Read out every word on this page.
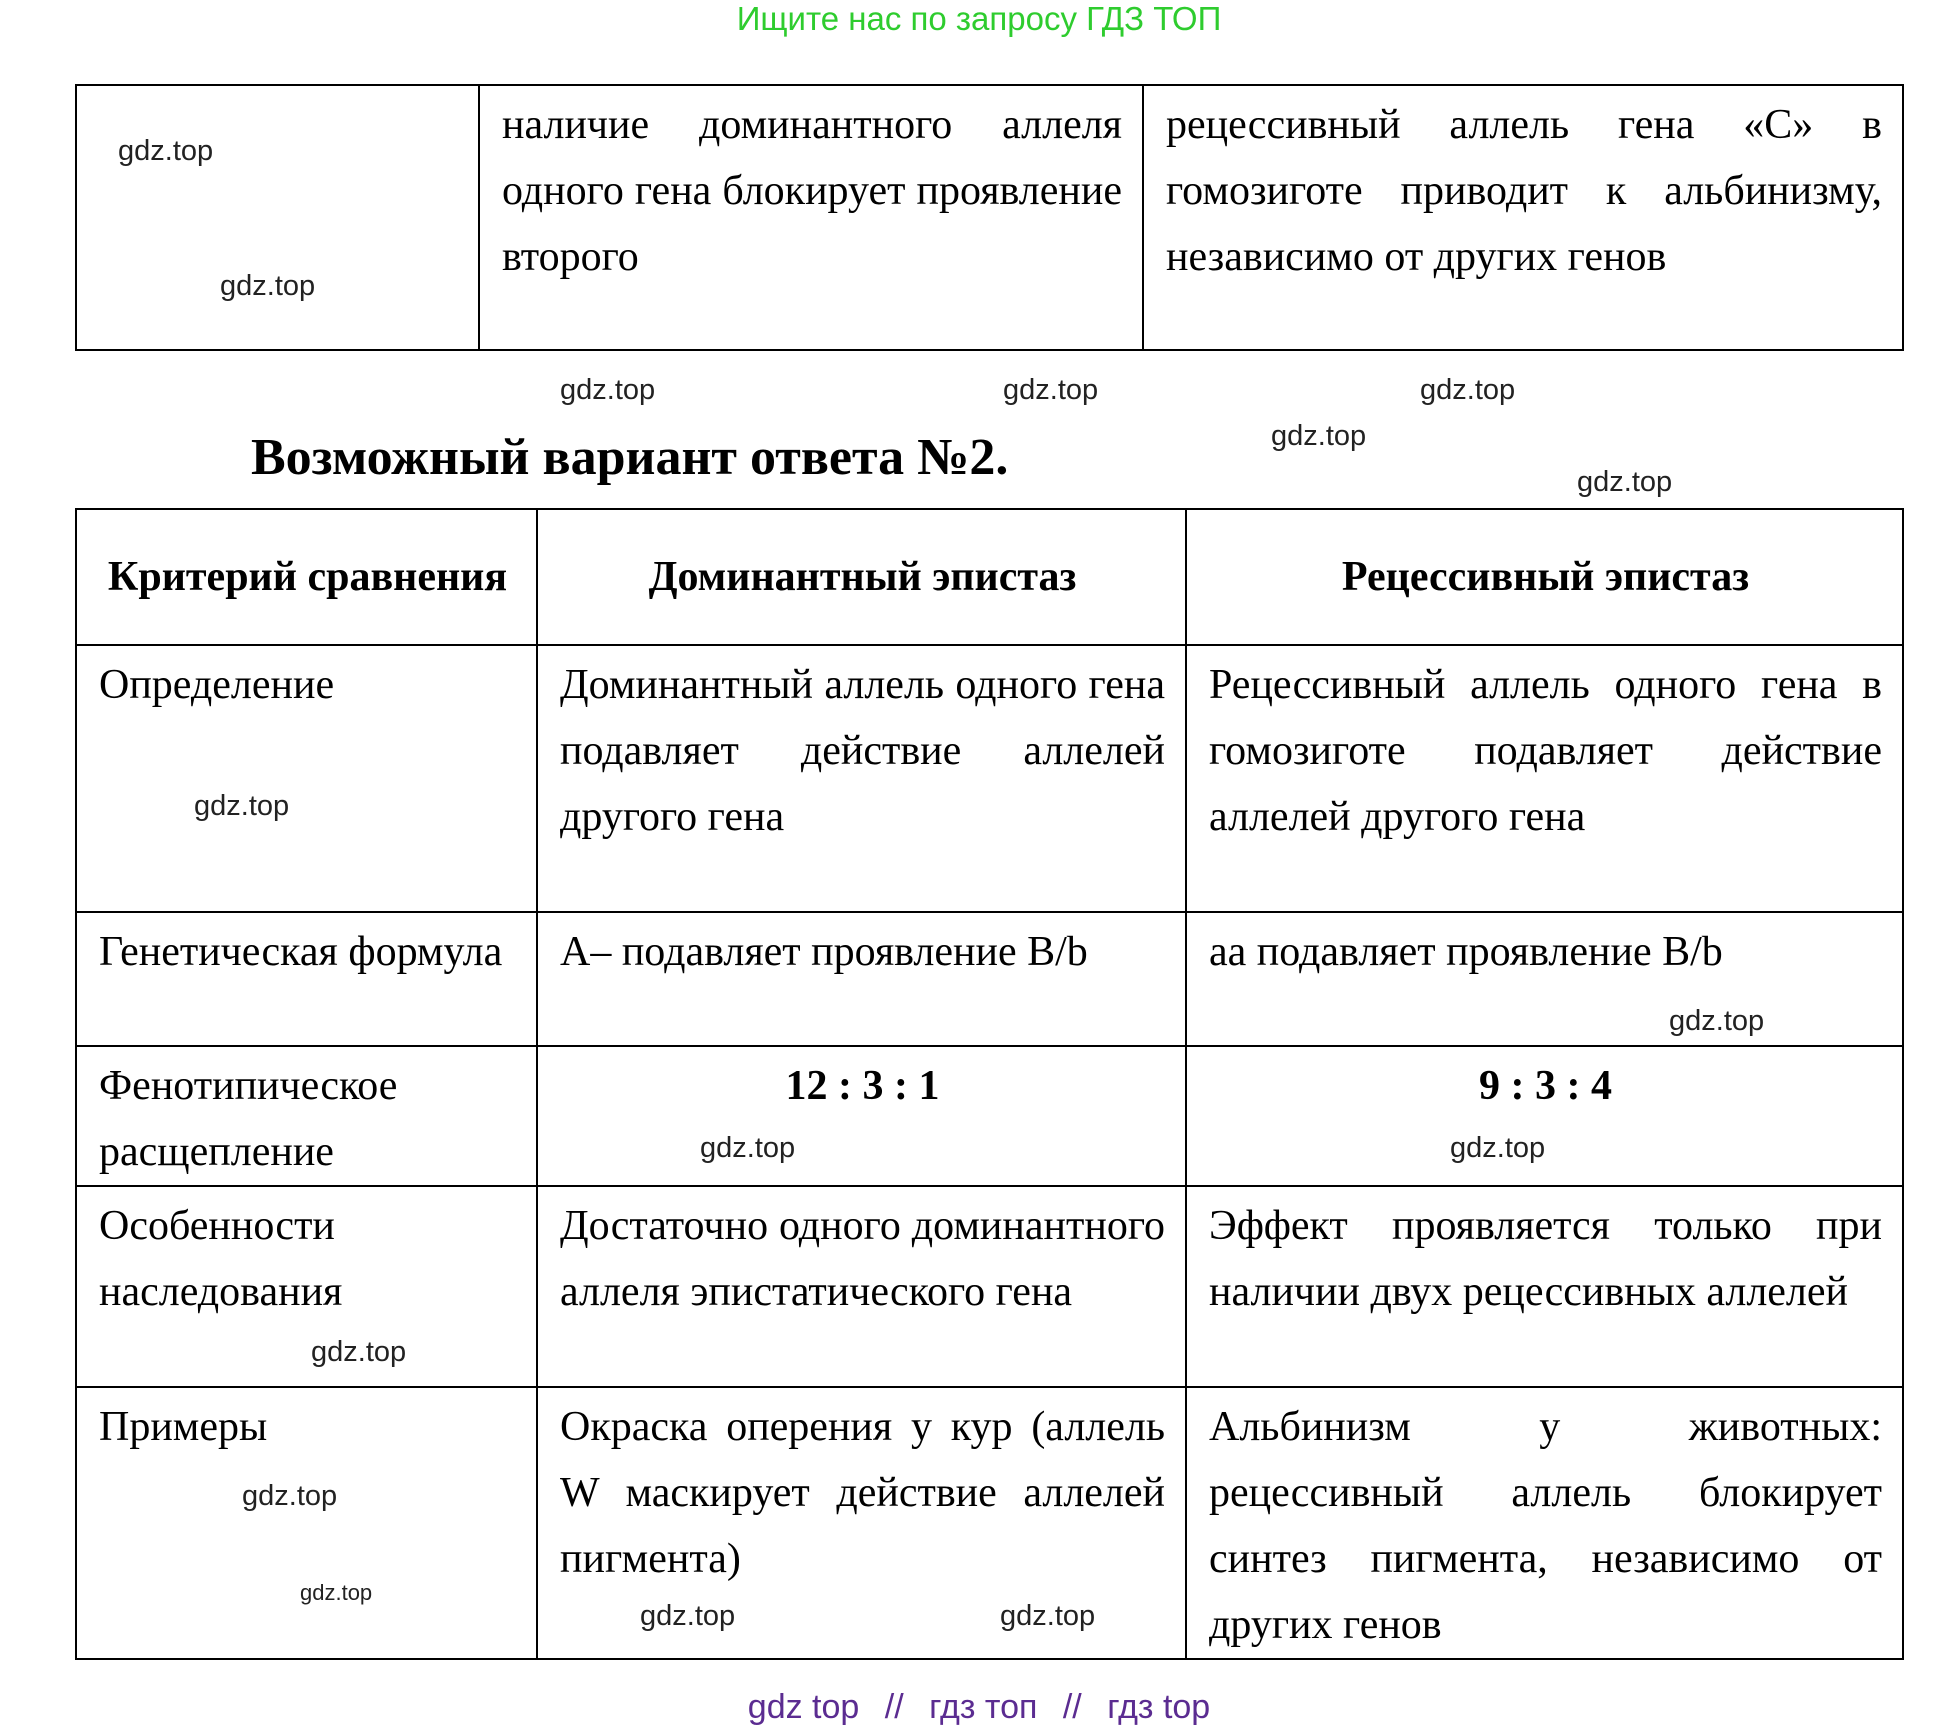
Ищите нас по запросу ГДЗ ТОП
	наличие доминантного аллеля одного гена блокирует проявление второго	рецессивный аллель гена «С» в гомозиготе приводит к альбинизму, независимо от других генов
Возможный вариант ответа №2.
Критерий сравнения	Доминантный эпистаз	Рецессивный эпистаз
Определение	Доминантный аллель одного гена подавляет действие аллелей другого гена	Рецессивный аллель одного гена в гомозиготе подавляет действие аллелей другого гена
Генетическая формула	А– подавляет проявление B/b	аа подавляет проявление B/b
Фенотипическое расщепление	12 : 3 : 1	9 : 3 : 4
Особенности наследования	Достаточно одного доминантного аллеля эпистатического гена	Эффект проявляется только при наличии двух рецессивных аллелей
Примеры	Окраска оперения у кур (аллель W маскирует действие аллелей пигмента)	Альбинизм у животных: рецессивный аллель блокирует синтез пигмента, независимо от других генов
gdz.top
gdz.top
gdz.top
gdz.top
gdz.top
gdz.top
gdz.top
gdz.top
gdz.top
gdz.top	gdz.top
gdz.top
gdz.top
gdz.top
gdz.top
gdz.top
gdz top // гдз топ // гдз top
